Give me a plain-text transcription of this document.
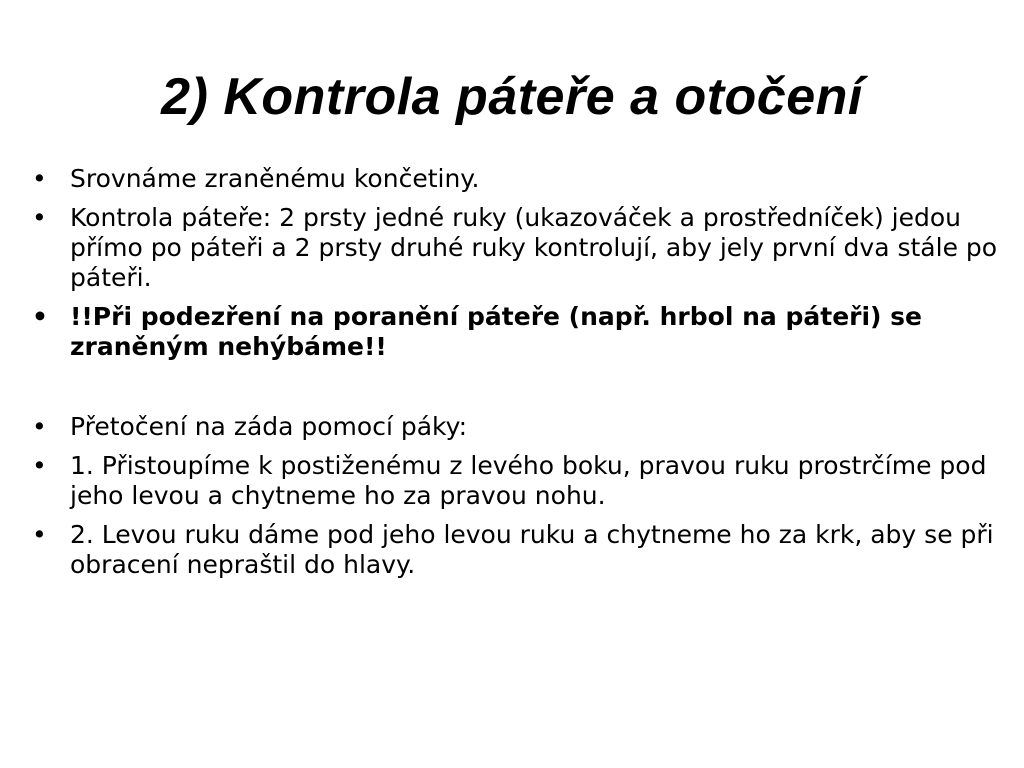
2) Kontrola páteře a otočení
• Srovnáme zraněnému končetiny.
• Kontrola páteře: 2 prsty jedné ruky (ukazováček a prostředníček) jedou přímo po páteři a 2 prsty druhé ruky kontrolují, aby jely první dva stále po páteři.
• !!Při podezření na poranění páteře (např. hrbol na páteři) se zraněným nehýbáme!!
• Přetočení na záda pomocí páky:
• 1. Přistoupíme k postiženému z levého boku, pravou ruku prostrčíme pod jeho levou a chytneme ho za pravou nohu.
• 2. Levou ruku dáme pod jeho levou ruku a chytneme ho za krk, aby se při obracení nepraštil do hlavy.
